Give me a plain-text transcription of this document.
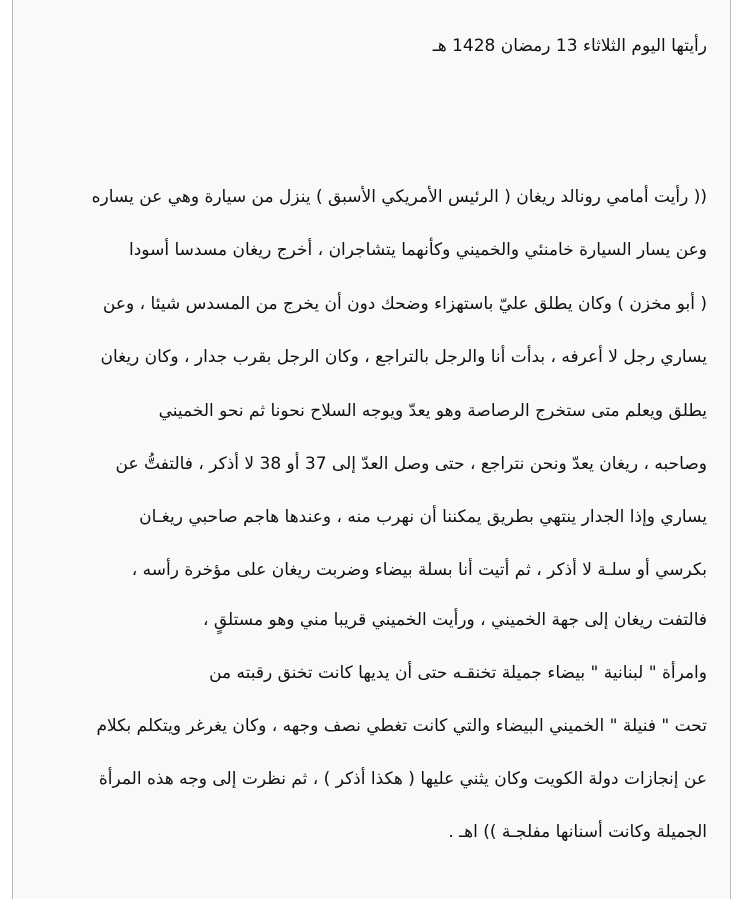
رأيتها اليوم الثلاثاء 13 رمضان 1428 هـ
(( رأيت أمامي رونالد ريغان ( الرئيس الأمريكي الأسبق ) ينزل من سيارة وهي عن يساره
وعن يسار السيارة خامنئي والخميني وكأنهما يتشاجران ، أخرج ريغان مسدسا أسودا
( أبو مخزن ) وكان يطلق عليّ باستهزاء وضحك دون أن يخرج من المسدس شيئا ، وعن
يساري رجل لا أعرفه ، بدأت أنا والرجل بالتراجع ، وكان الرجل بقرب جدار ، وكان ريغان
يطلق ويعلم متى ستخرج الرصاصة وهو يعدّ ويوجه السلاح نحونا ثم نحو الخميني
وصاحبه ، ريغان يعدّ ونحن نتراجع ، حتى وصل العدّ إلى 37 أو 38 لا أذكر ، فالتفتُّ عن
يساري وإذا الجدار ينتهي بطريق يمكننا أن نهرب منه ، وعندها هاجم صاحبي ريغـان
بكرسي أو سلـة لا أذكر ، ثم أتيت أنا بسلة بيضاء وضربت ريغان على مؤخرة رأسه ،
فالتفت ريغان إلى جهة الخميني ، ورأيت الخميني قريبا مني وهو مستلقٍ ،
وامرأة " لبنانية " بيضاء جميلة تخنقـه حتى أن يديها كانت تخنق رقبته من
تحت " فنيلة " الخميني البيضاء والتي كانت تغطي نصف وجهه ، وكان يغرغر ويتكلم بكلام
عن إنجازات دولة الكويت وكان يثني عليها ( هكذا أذكر ) ، ثم نظرت إلى وجه هذه المرأة
الجميلة وكانت أسنانها مفلجـة )) اهـ .
